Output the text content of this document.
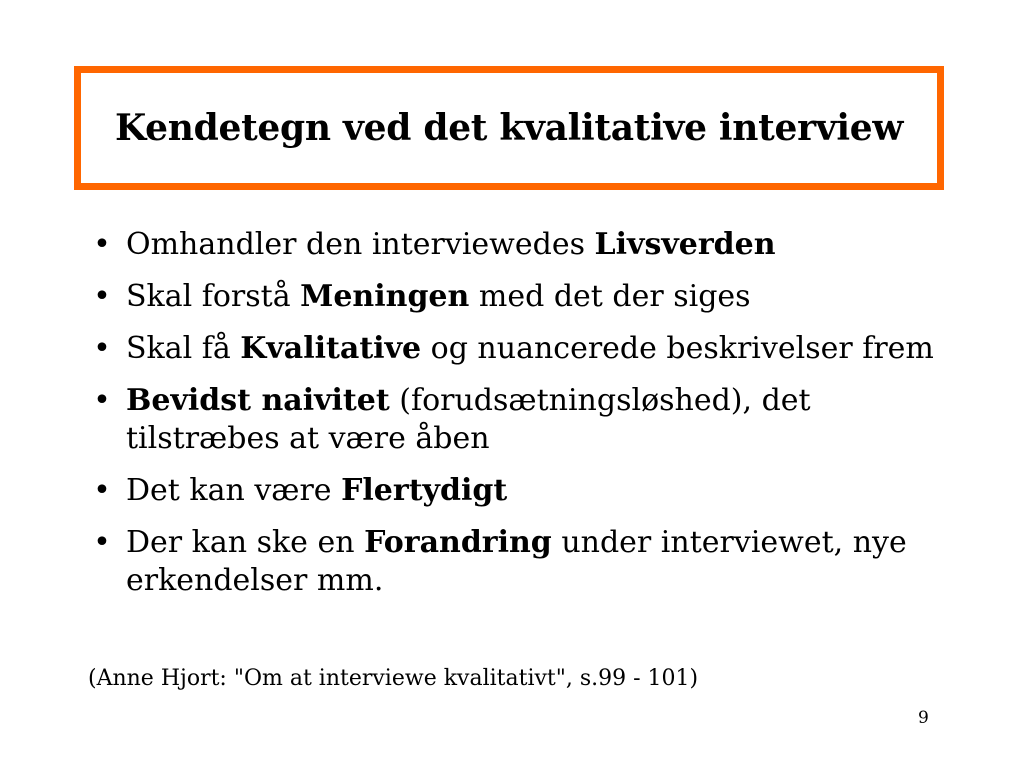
Kendetegn ved det kvalitative interview
• Omhandler den interviewedes Livsverden
• Skal forstå Meningen med det der siges
• Skal få Kvalitative og nuancerede beskrivelser frem
• Bevidst naivitet (forudsætningsløshed), det tilstræbes at være åben
• Det kan være Flertydigt
• Der kan ske en Forandring under interviewet, nye erkendelser mm.

(Anne Hjort: "Om at interviewe kvalitativt", s.99 - 101)

9
